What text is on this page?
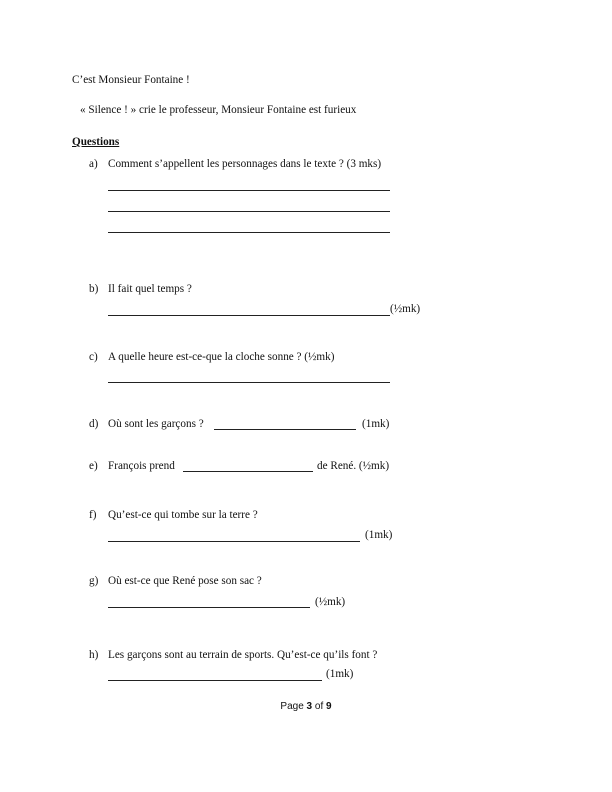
C’est Monsieur Fontaine !
« Silence ! » crie le professeur, Monsieur Fontaine est furieux
Questions
a) Comment s’appellent les personnages dans le texte ? (3 mks)
b) Il fait quel temps ?
(½mk)
c) A quelle heure est-ce-que la cloche sonne ? (½mk)
d) Où sont les garçons ?	(1mk)
e) François prend	de René. (½mk)
f) Qu’est-ce qui tombe sur la terre ?
(1mk)
g) Où est-ce que René pose son sac ?
(½mk)
h) Les garçons sont au terrain de sports. Qu’est-ce qu’ils font ?
(1mk)
Page 3 of 9
